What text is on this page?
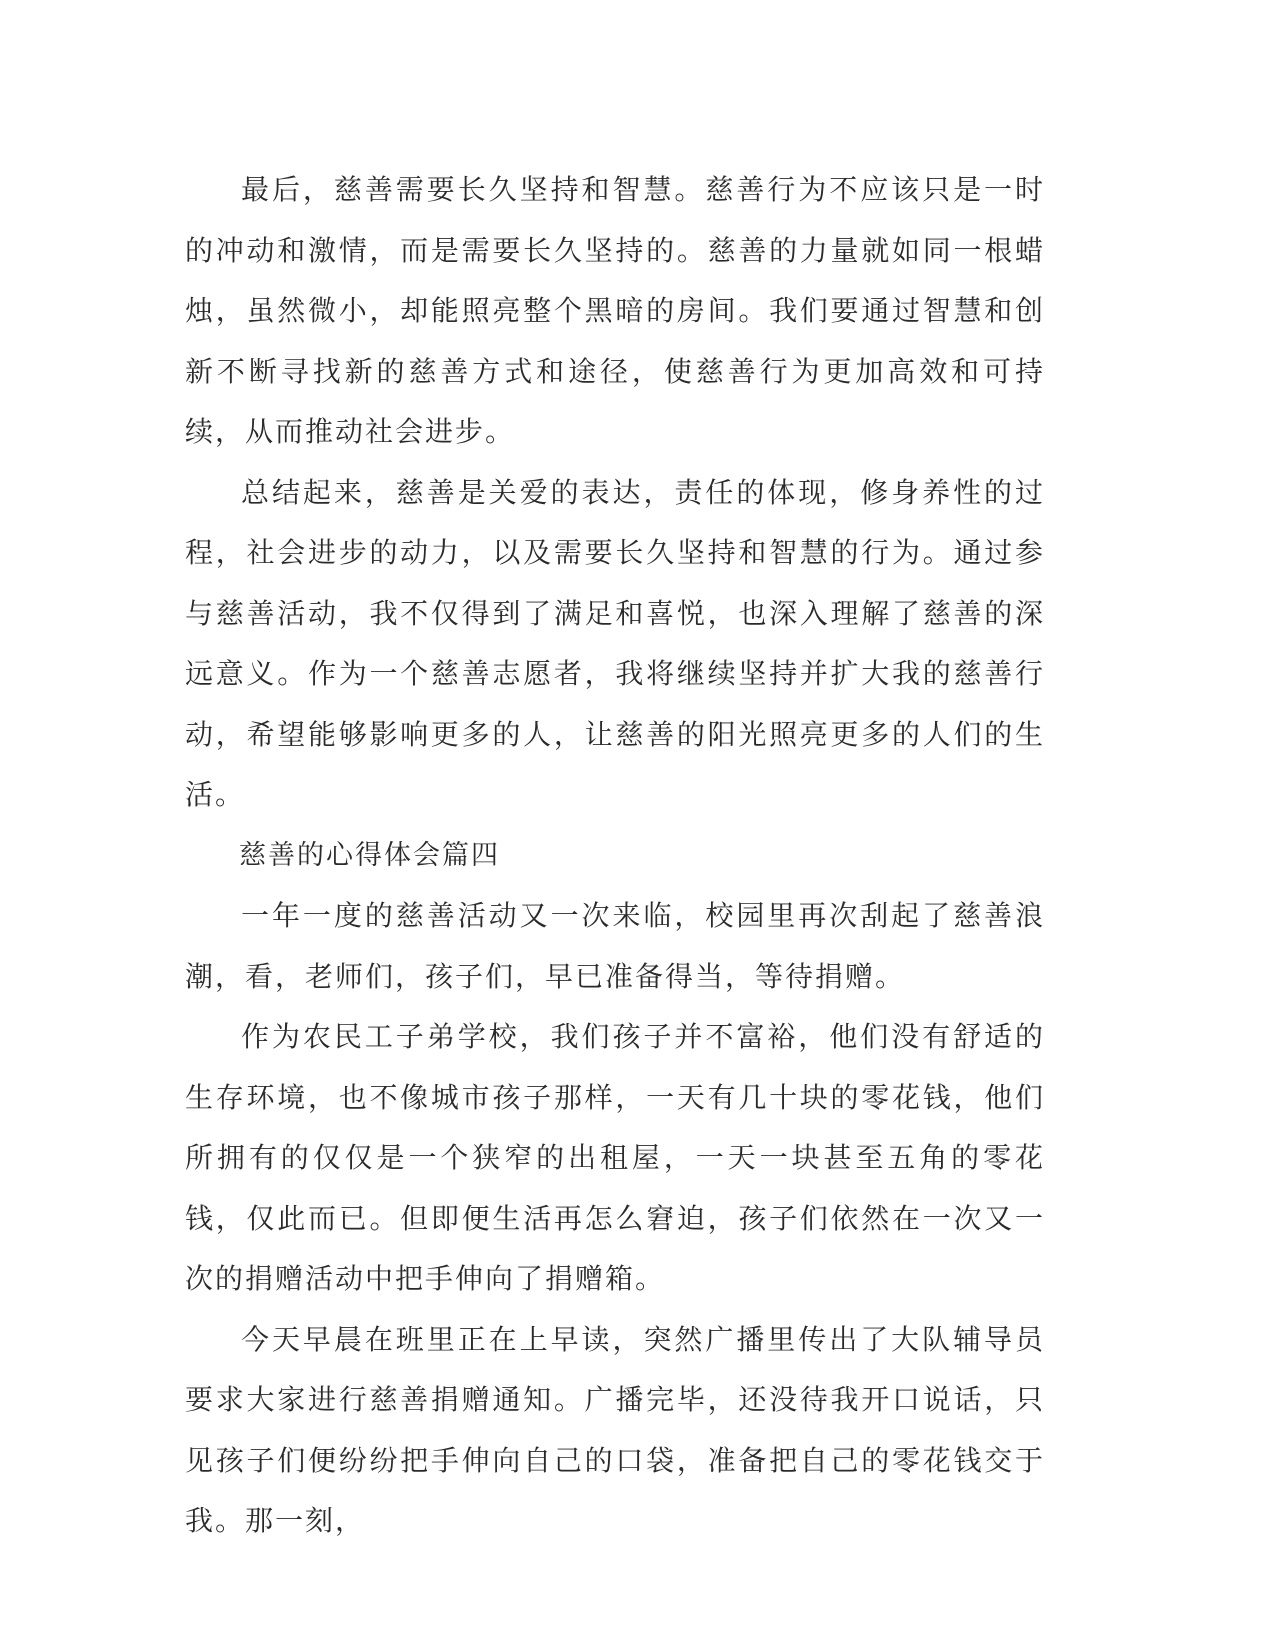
最后，慈善需要长久坚持和智慧。慈善行为不应该只是一时的冲动和激情，而是需要长久坚持的。慈善的力量就如同一根蜡烛，虽然微小，却能照亮整个黑暗的房间。我们要通过智慧和创新不断寻找新的慈善方式和途径，使慈善行为更加高效和可持续，从而推动社会进步。

总结起来，慈善是关爱的表达，责任的体现，修身养性的过程，社会进步的动力，以及需要长久坚持和智慧的行为。通过参与慈善活动，我不仅得到了满足和喜悦，也深入理解了慈善的深远意义。作为一个慈善志愿者，我将继续坚持并扩大我的慈善行动，希望能够影响更多的人，让慈善的阳光照亮更多的人们的生活。

慈善的心得体会篇四

一年一度的慈善活动又一次来临，校园里再次刮起了慈善浪潮，看，老师们，孩子们，早已准备得当，等待捐赠。

作为农民工子弟学校，我们孩子并不富裕，他们没有舒适的生存环境，也不像城市孩子那样，一天有几十块的零花钱，他们所拥有的仅仅是一个狭窄的出租屋，一天一块甚至五角的零花钱，仅此而已。但即便生活再怎么窘迫，孩子们依然在一次又一次的捐赠活动中把手伸向了捐赠箱。

今天早晨在班里正在上早读，突然广播里传出了大队辅导员要求大家进行慈善捐赠通知。广播完毕，还没待我开口说话，只见孩子们便纷纷把手伸向自己的口袋，准备把自己的零花钱交于我。那一刻，
